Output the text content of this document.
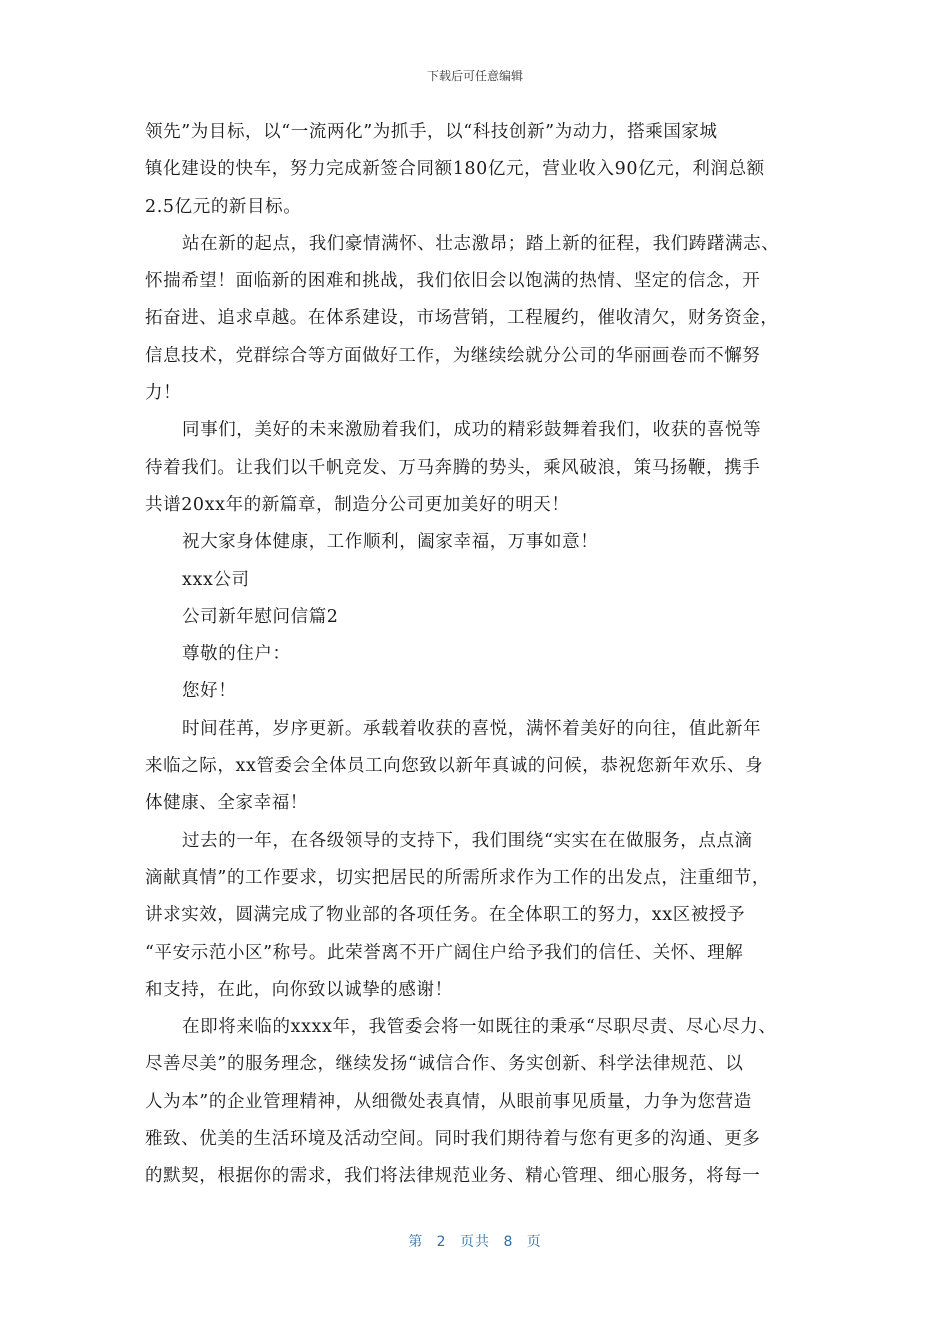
下载后可任意编辑

领先”为目标，以“一流两化”为抓手，以“科技创新”为动力，搭乘国家城

镇化建设的快车，努力完成新签合同额180亿元，营业收入90亿元，利润总额

2.5亿元的新目标。

站在新的起点，我们豪情满怀、壮志激昂；踏上新的征程，我们踌躇满志、

怀揣希望！面临新的困难和挑战，我们依旧会以饱满的热情、坚定的信念，开

拓奋进、追求卓越。在体系建设，市场营销，工程履约，催收清欠，财务资金，

信息技术，党群综合等方面做好工作，为继续绘就分公司的华丽画卷而不懈努

力！

同事们，美好的未来激励着我们，成功的精彩鼓舞着我们，收获的喜悦等

待着我们。让我们以千帆竞发、万马奔腾的势头，乘风破浪，策马扬鞭，携手

共谱20xx年的新篇章，制造分公司更加美好的明天！

祝大家身体健康，工作顺利，阖家幸福，万事如意！

xxx公司

公司新年慰问信篇2

尊敬的住户：

您好！

时间荏苒，岁序更新。承载着收获的喜悦，满怀着美好的向往，值此新年

来临之际，xx管委会全体员工向您致以新年真诚的问候，恭祝您新年欢乐、身

体健康、全家幸福！

过去的一年，在各级领导的支持下，我们围绕“实实在在做服务，点点滴

滴献真情”的工作要求，切实把居民的所需所求作为工作的出发点，注重细节，

讲求实效，圆满完成了物业部的各项任务。在全体职工的努力，xx区被授予

“平安示范小区”称号。此荣誉离不开广阔住户给予我们的信任、关怀、理解

和支持，在此，向你致以诚挚的感谢！

在即将来临的xxxx年，我管委会将一如既往的秉承“尽职尽责、尽心尽力、

尽善尽美”的服务理念，继续发扬“诚信合作、务实创新、科学法律规范、以

人为本”的企业管理精神，从细微处表真情，从眼前事见质量，力争为您营造

雅致、优美的生活环境及活动空间。同时我们期待着与您有更多的沟通、更多

的默契，根据你的需求，我们将法律规范业务、精心管理、细心服务，将每一

第 2 页共 8 页
